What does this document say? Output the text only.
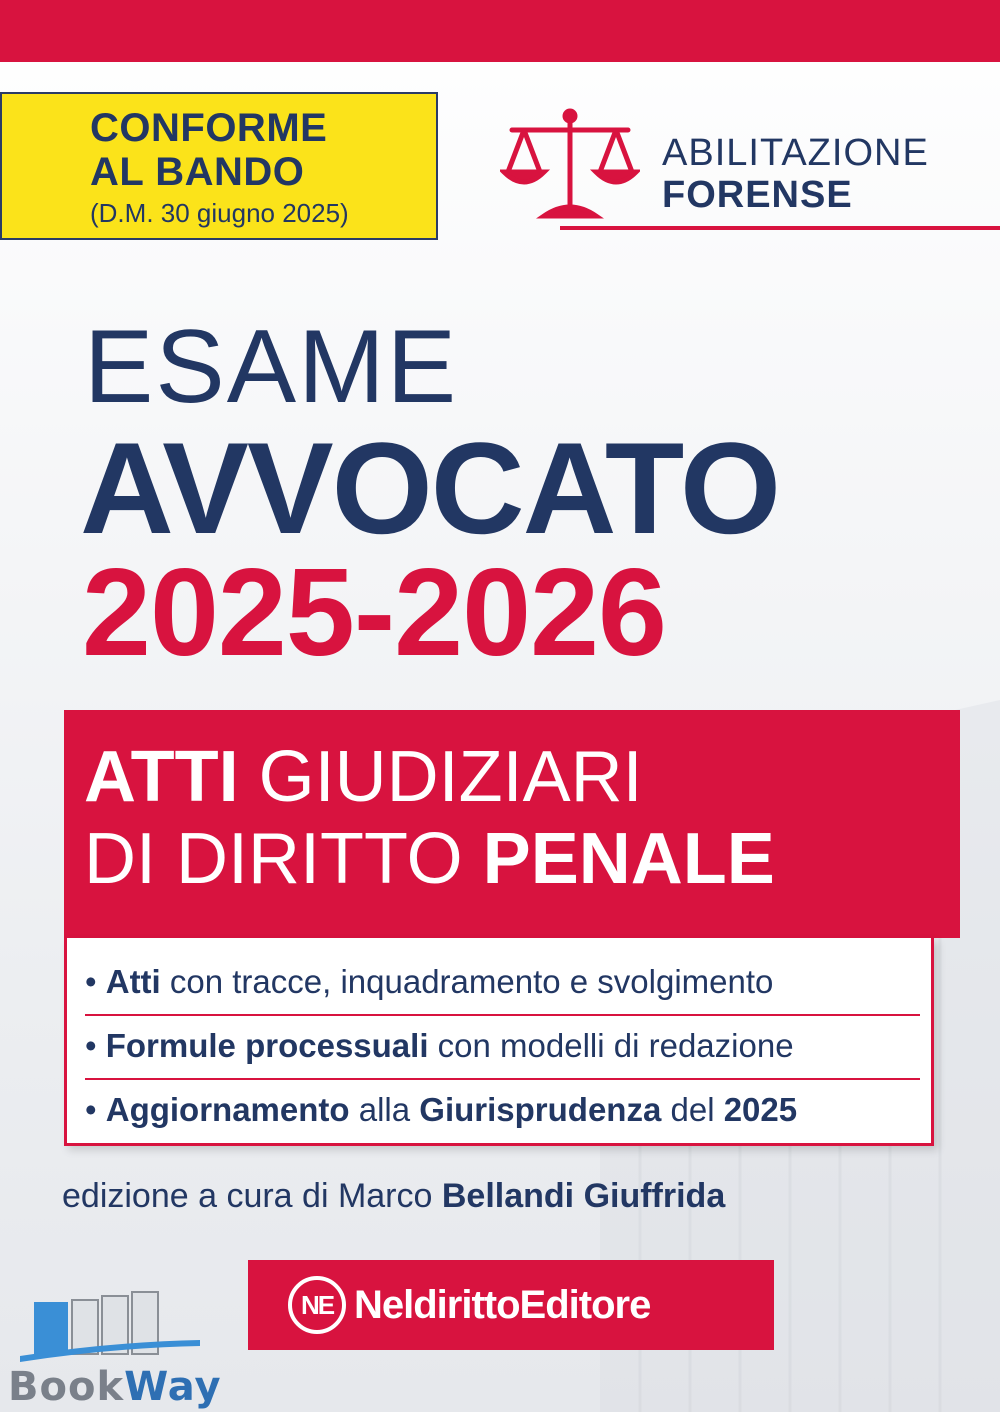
CONFORME
AL BANDO
(D.M. 30 giugno 2025)
ABILITAZIONE
FORENSE
ESAME
AVVOCATO
2025-2026
ATTI GIUDIZIARI
DI DIRITTO PENALE
• Atti con tracce, inquadramento e svolgimento
• Formule processuali con modelli di redazione
• Aggiornamento alla Giurisprudenza del 2025
edizione a cura di Marco Bellandi Giuffrida
NE NeldirittoEditore
BookWay
